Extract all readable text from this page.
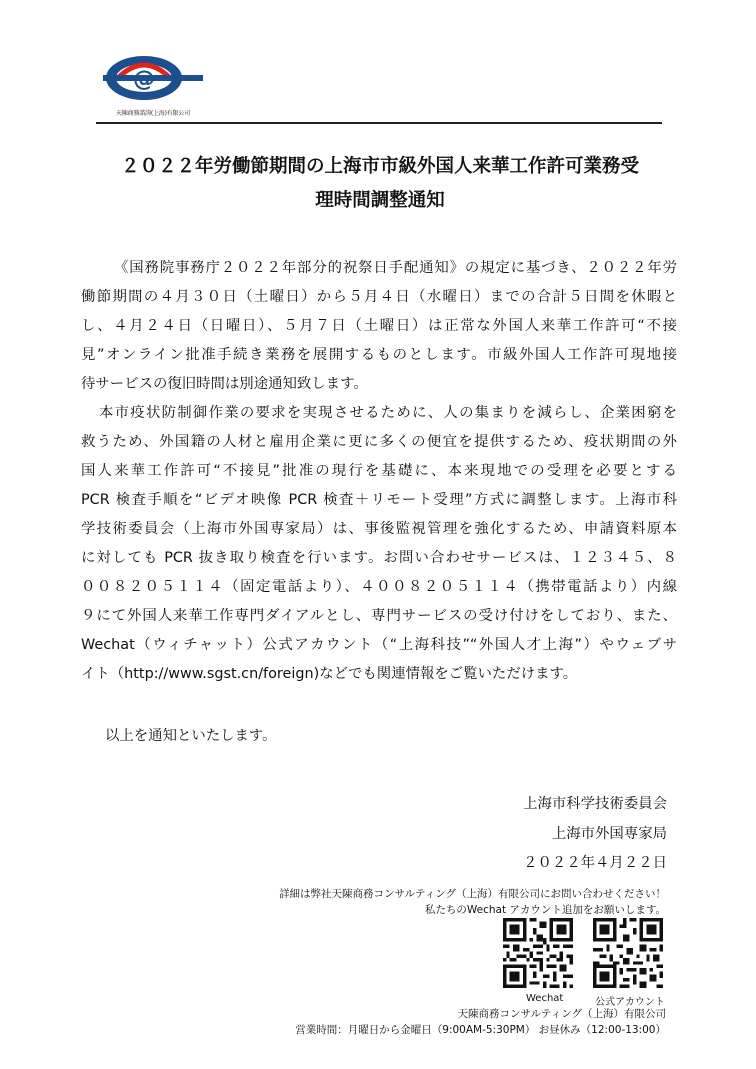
@
天陳商務諮詢(上海)有限公司
２０２２年労働節期間の上海市市級外国人来華工作許可業務受
理時間調整通知
《国務院事務庁２０２２年部分的祝祭日手配通知》の規定に基づき、２０２２年労
働節期間の４月３０日（土曜日）から５月４日（水曜日）までの合計５日間を休暇と
し、４月２４日（日曜日）、５月７日（土曜日）は正常な外国人来華工作許可“不接
見”オンライン批准手続き業務を展開するものとします。市級外国人工作許可現地接
待サービスの復旧時間は別途通知致します。
本市疫状防制御作業の要求を実現させるために、人の集まりを減らし、企業困窮を
救うため、外国籍の人材と雇用企業に更に多くの便宜を提供するため、疫状期間の外
国人来華工作許可“不接見”批准の現行を基礎に、本来現地での受理を必要とする
PCR 検査手順を“ビデオ映像 PCR 検査＋リモート受理”方式に調整します。上海市科
学技術委員会（上海市外国専家局）は、事後監視管理を強化するため、申請資料原本
に対しても PCR 抜き取り検査を行います。お問い合わせサービスは、１２３４５、８
００８２０５１１４（固定電話より）、４００８２０５１１４（携帯電話より）内線
９にて外国人来華工作専門ダイアルとし、専門サービスの受け付けをしており、また、
Wechat（ウィチャット）公式アカウント（“上海科技”“外国人才上海”）やウェブサ
イト（http://www.sgst.cn/foreign)などでも関連情報をご覧いただけます。
以上を通知といたします。
上海市科学技術委員会
上海市外国専家局
２０２２年４月２２日
詳細は弊社天陳商務コンサルティング（上海）有限公司にお問い合わせください！
私たちのWechat アカウント追加をお願いします。
Wechat	公式アカウント
天陳商務コンサルティング（上海）有限公司
営業時間：月曜日から金曜日（9:00AM-5:30PM） お昼休み（12:00-13:00）
